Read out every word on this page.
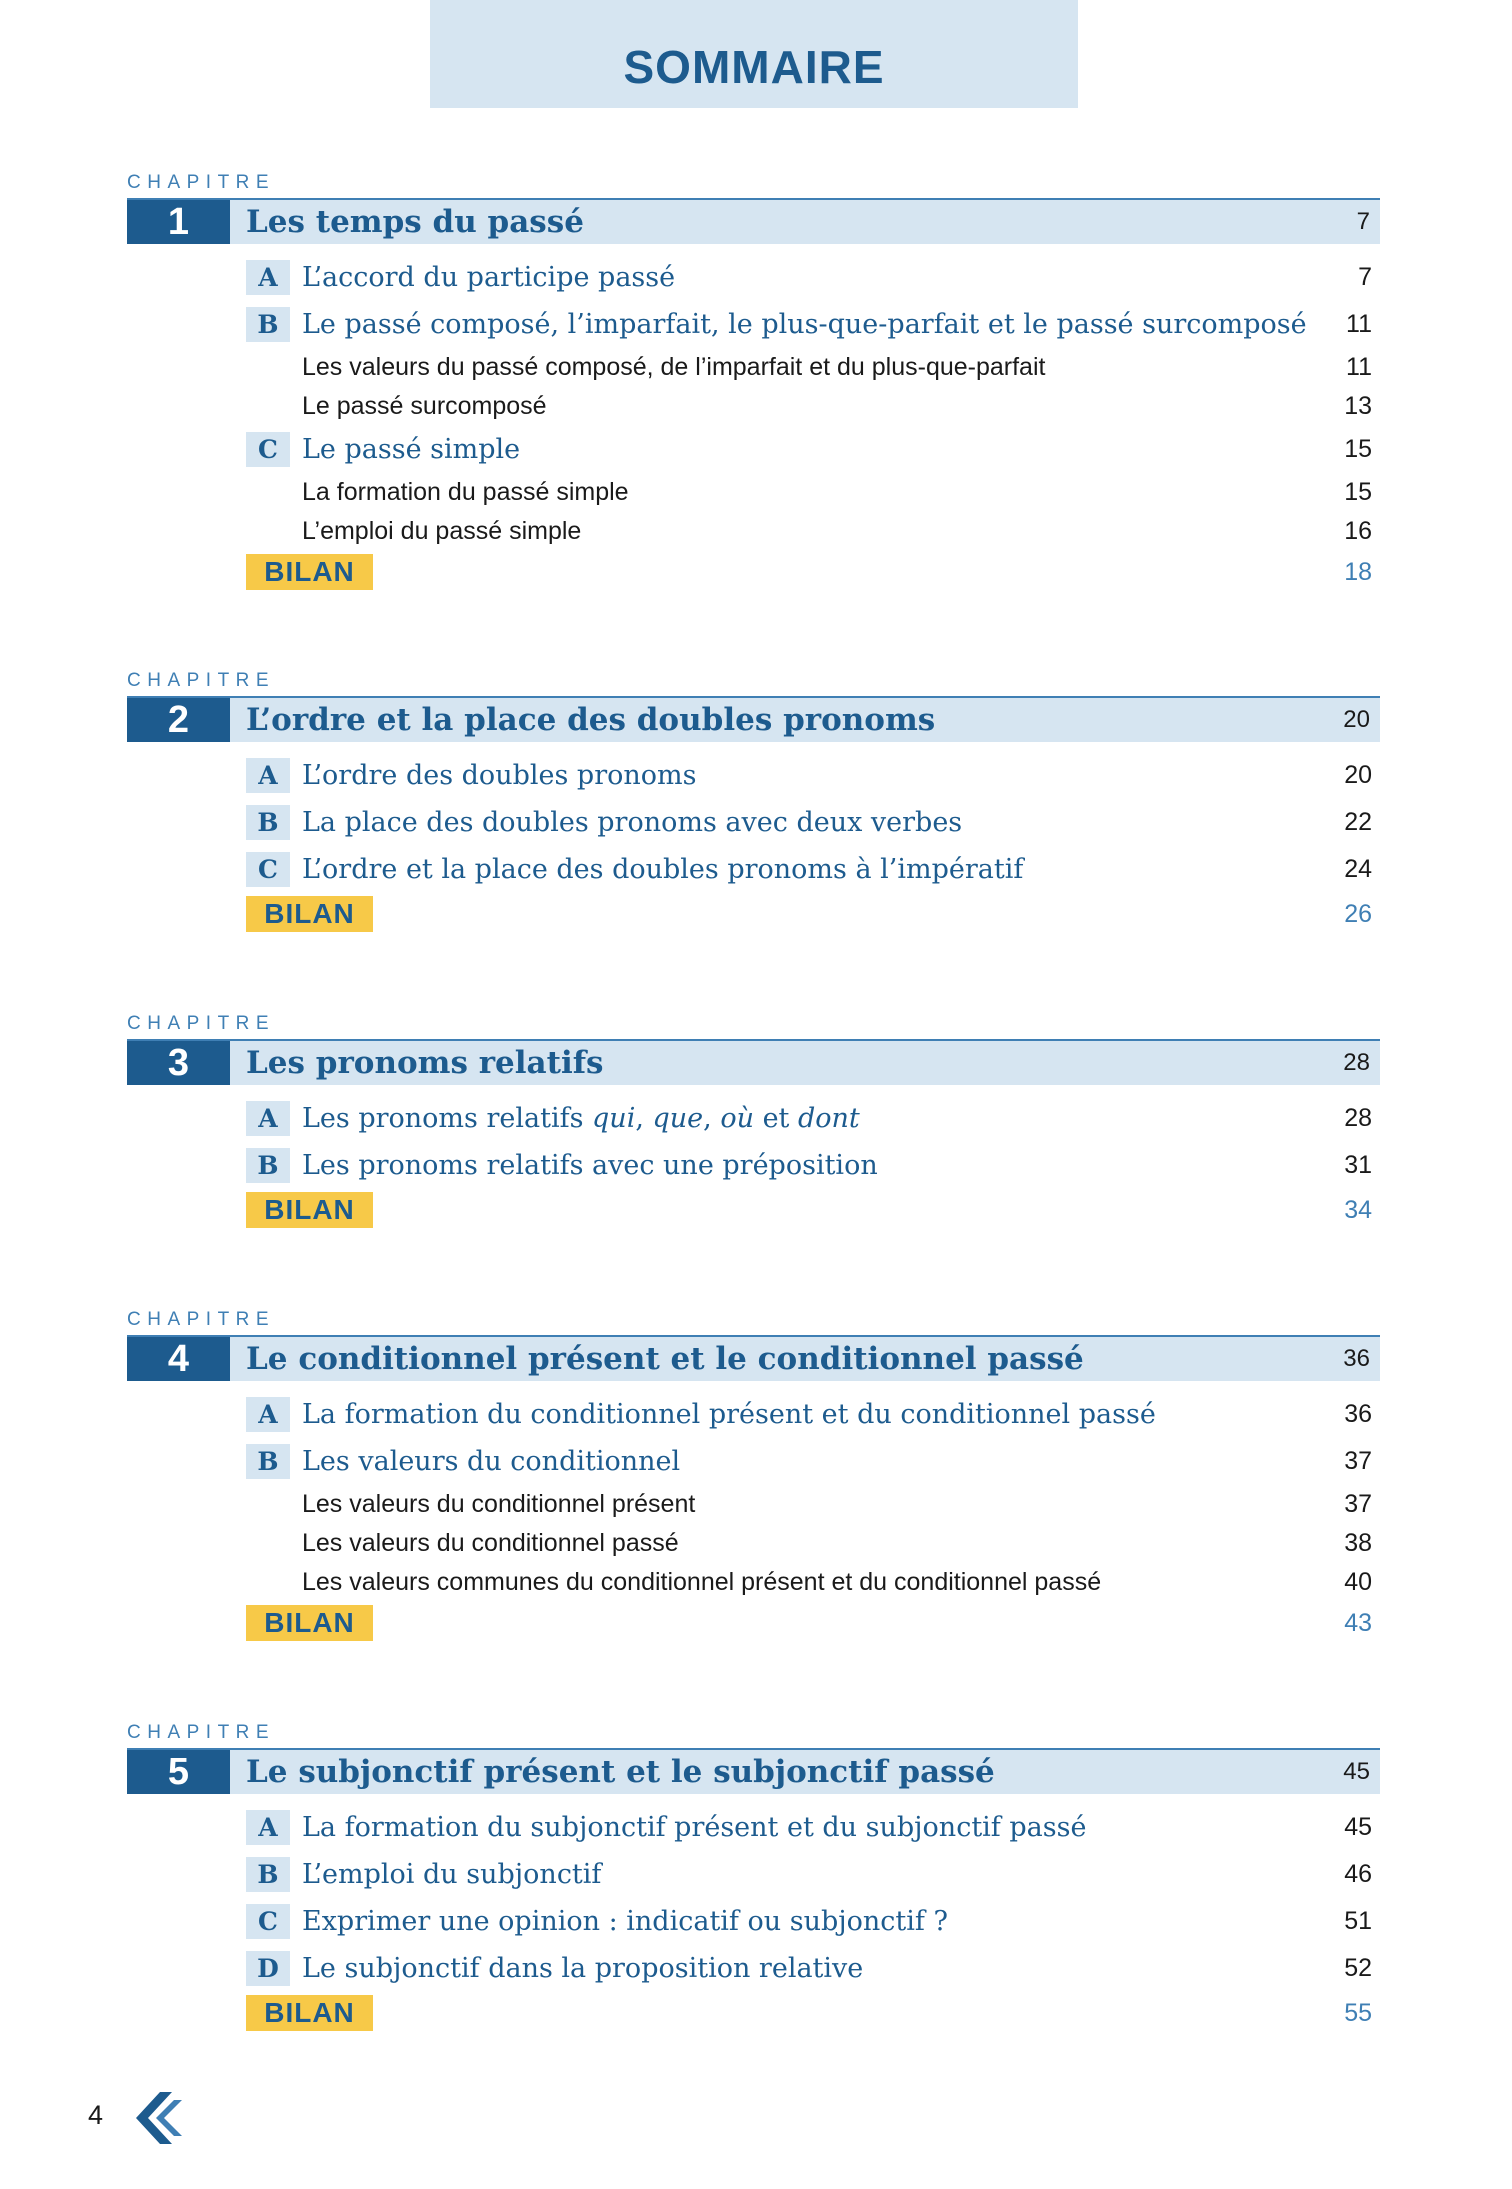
SOMMAIRE
CHAPITRE
1	Les temps du passé	7
A L’accord du participe passé	7
B Le passé composé, l’imparfait, le plus-que-parfait et le passé surcomposé 11
Les valeurs du passé composé, de l’imparfait et du plus-que-parfait	11
Le passé surcomposé	13
C Le passé simple	15
La formation du passé simple	15
L’emploi du passé simple	16
BILAN	18
CHAPITRE
2	L’ordre et la place des doubles pronoms	20
A L’ordre des doubles pronoms	20
B La place des doubles pronoms avec deux verbes	22
C L’ordre et la place des doubles pronoms à l’impératif	24
BILAN	26
CHAPITRE
3	Les pronoms relatifs	28
A Les pronoms relatifs qui, que, où et dont	28
B Les pronoms relatifs avec une préposition	31
BILAN	34
CHAPITRE
4	Le conditionnel présent et le conditionnel passé	36
A La formation du conditionnel présent et du conditionnel passé	36
B Les valeurs du conditionnel	37
Les valeurs du conditionnel présent	37
Les valeurs du conditionnel passé	38
Les valeurs communes du conditionnel présent et du conditionnel passé	40
BILAN	43
CHAPITRE
5	Le subjonctif présent et le subjonctif passé	45
A La formation du subjonctif présent et du subjonctif passé	45
B L’emploi du subjonctif	46
C Exprimer une opinion : indicatif ou subjonctif ?	51
D Le subjonctif dans la proposition relative	52
BILAN	55
4
